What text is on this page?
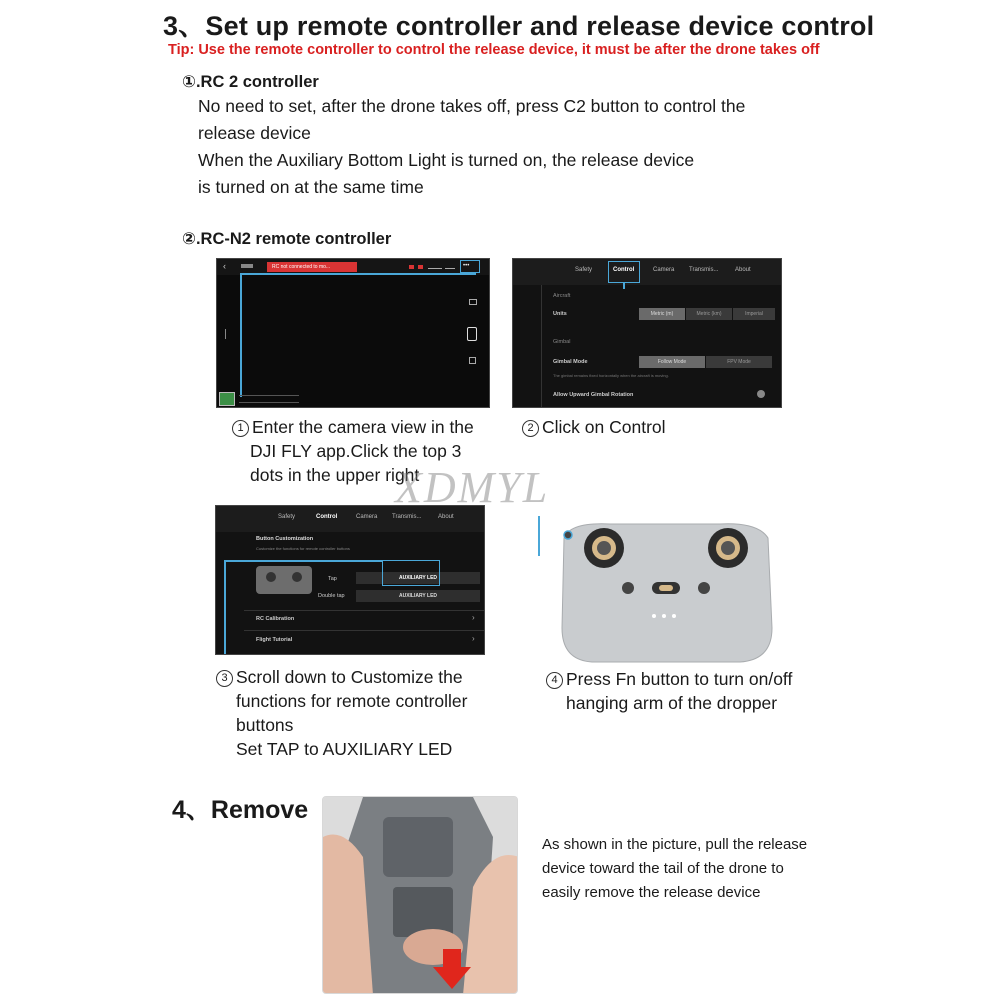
3、Set up remote controller and release device control
Tip: Use the remote controller to control the release device, it must be after the drone takes off
①.RC 2 controller
No need to set, after the drone takes off, press C2 button to control the
release device
When the Auxiliary Bottom Light is turned on, the release device
is turned on at the same time
②.RC-N2 remote controller
‹	RC not connected to mo...	•••
Safety	Control	Camera Transmis...	About
Aircraft
Units	Metric (m)	Metric (km)	Imperial
Gimbal
Gimbal Mode	Follow Mode	FPV Mode
The gimbal remains fixed horizontally when the aircraft is moving.
Allow Upward Gimbal Rotation
1 Enter the camera view in the
DJI FLY app.Click the top 3
dots in the upper right
2 Click on Control
Safety	Control	Camera Transmis...	About
Button Customization
Customize the functions for remote controller buttons
Tap	AUXILIARY LED
Double tap	AUXILIARY LED
RC Calibration	›
Flight Tutorial	›
XDMYL
3 Scroll down to Customize the
functions for remote controller
buttons
Set TAP to AUXILIARY LED
4 Press Fn button to turn on/off
hanging arm of the dropper
4、Remove
As shown in the picture, pull the release
device toward the tail of the drone to
easily remove the release device
